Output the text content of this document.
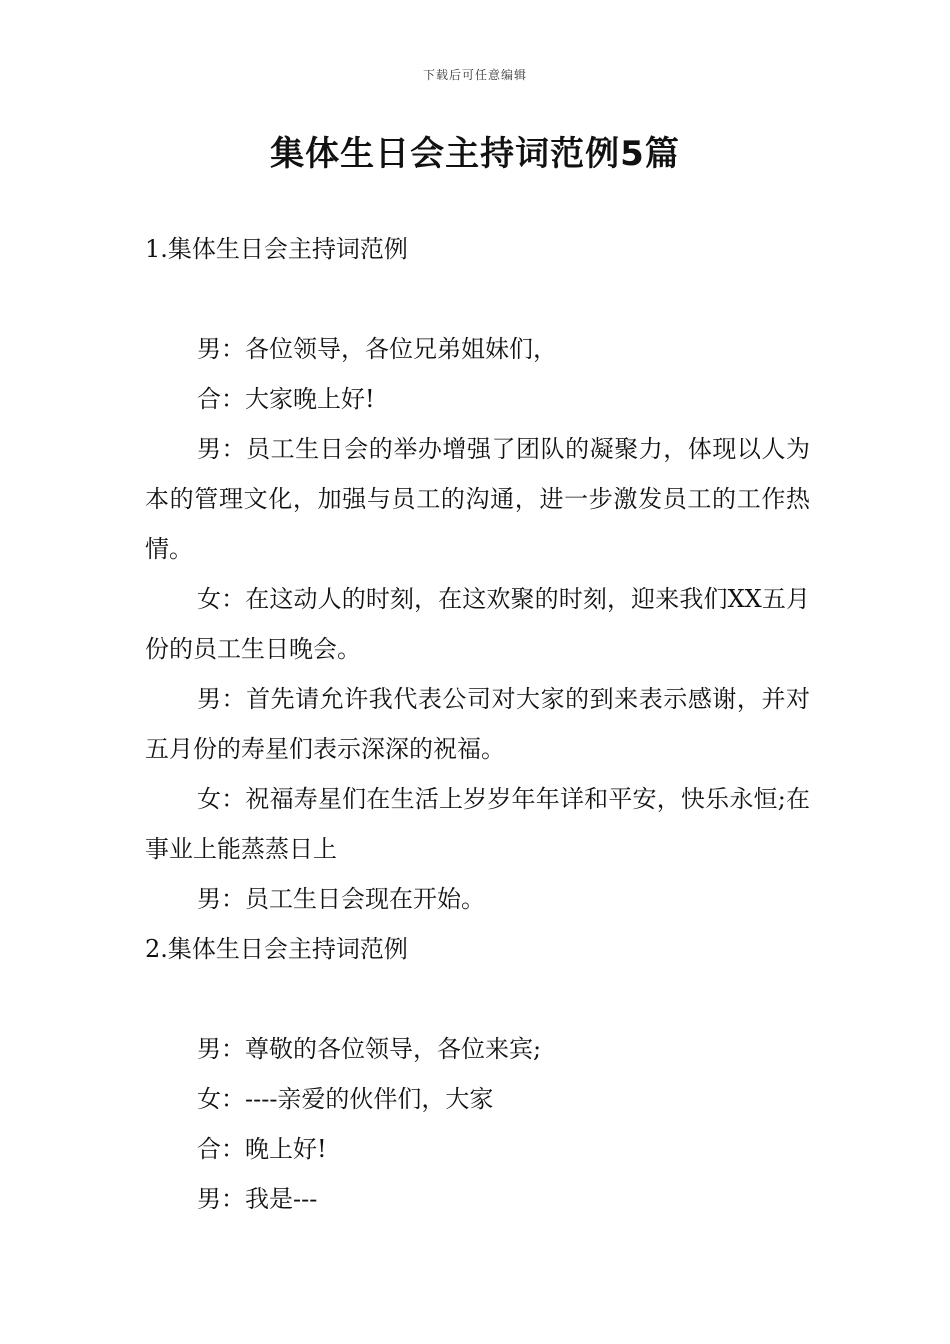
下载后可任意编辑
集体生日会主持词范例5篇
1.集体生日会主持词范例

男：各位领导，各位兄弟姐妹们，

合：大家晚上好!

男：员工生日会的举办增强了团队的凝聚力，体现以人为本的管理文化，加强与员工的沟通，进一步激发员工的工作热情。

女：在这动人的时刻，在这欢聚的时刻，迎来我们XX五月份的员工生日晚会。

男：首先请允许我代表公司对大家的到来表示感谢，并对五月份的寿星们表示深深的祝福。

女：祝福寿星们在生活上岁岁年年详和平安，快乐永恒;在事业上能蒸蒸日上

男：员工生日会现在开始。

2.集体生日会主持词范例

男：尊敬的各位领导，各位来宾;

女：----亲爱的伙伴们，大家

合：晚上好!

男：我是---
